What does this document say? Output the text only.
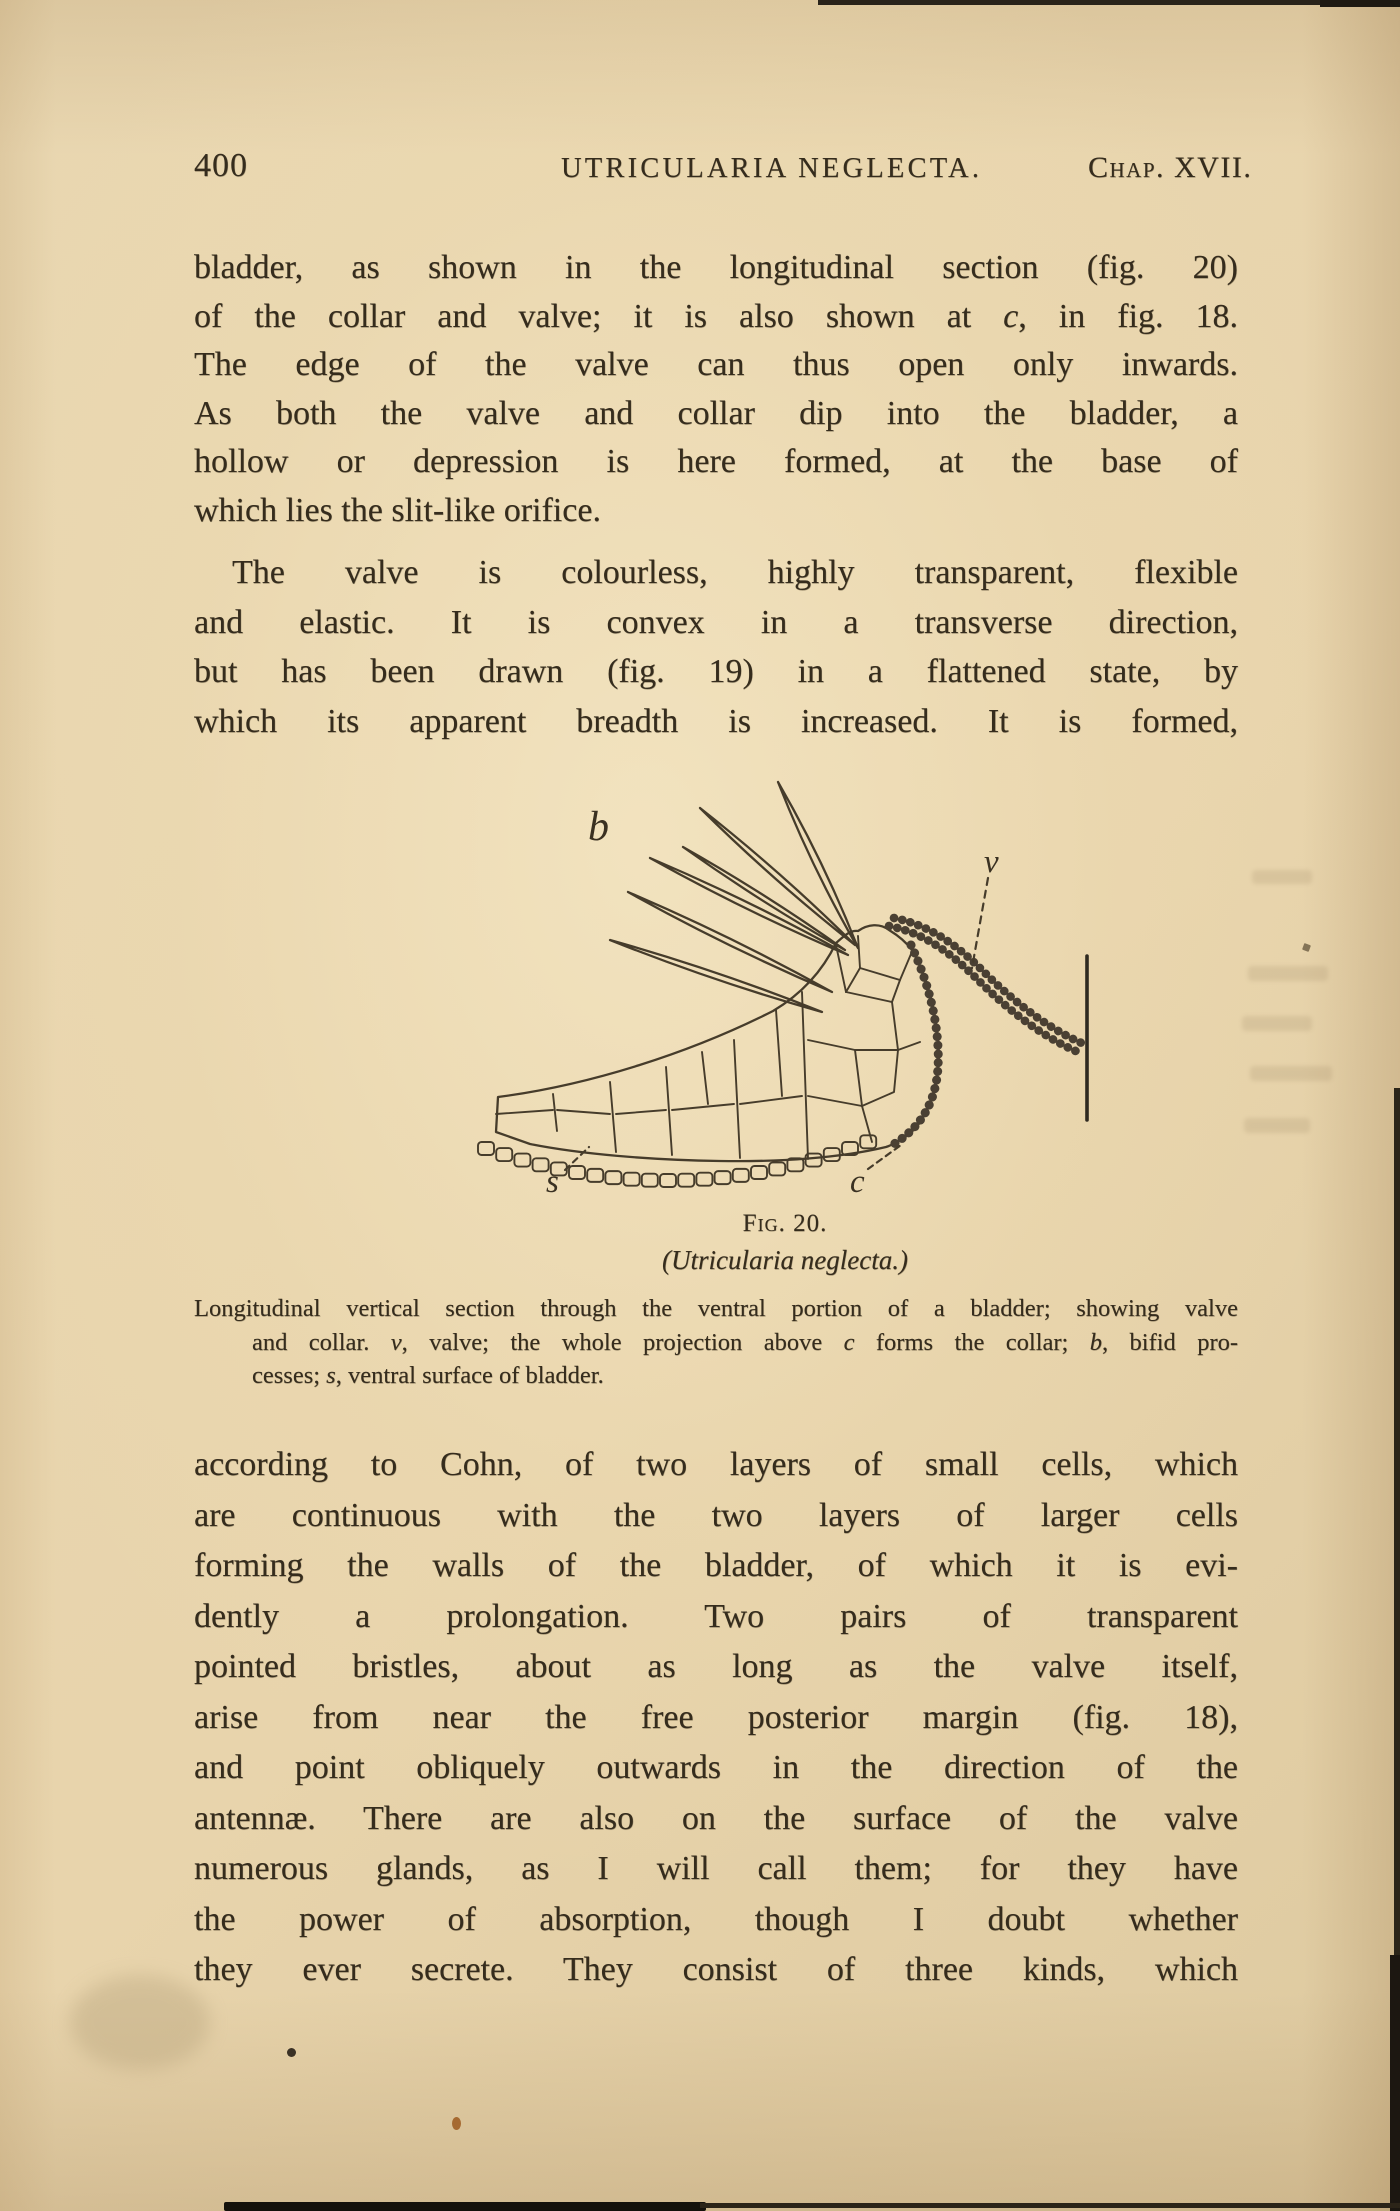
400	UTRICULARIA NEGLECTA.	Chap. XVII.
bladder, as shown in the longitudinal section (fig. 20)
of the collar and valve; it is also shown at c, in fig. 18.
The edge of the valve can thus open only inwards.
As both the valve and collar dip into the bladder, a
hollow or depression is here formed, at the base of
which lies the slit-like orifice.
The valve is colourless, highly transparent, flexible
and elastic. It is convex in a transverse direction,
but has been drawn (fig. 19) in a flattened state, by
which its apparent breadth is increased. It is formed,
b
v
s	c
Fig. 20.
(Utricularia neglecta.)
Longitudinal vertical section through the ventral portion of a bladder; showing valve
and collar. v, valve; the whole projection above c forms the collar; b, bifid pro-
cesses; s, ventral surface of bladder.
according to Cohn, of two layers of small cells, which
are continuous with the two layers of larger cells
forming the walls of the bladder, of which it is evi-
dently a prolongation. Two pairs of transparent
pointed bristles, about as long as the valve itself,
arise from near the free posterior margin (fig. 18),
and point obliquely outwards in the direction of the
antennæ. There are also on the surface of the valve
numerous glands, as I will call them; for they have
the power of absorption, though I doubt whether
they ever secrete. They consist of three kinds, which
